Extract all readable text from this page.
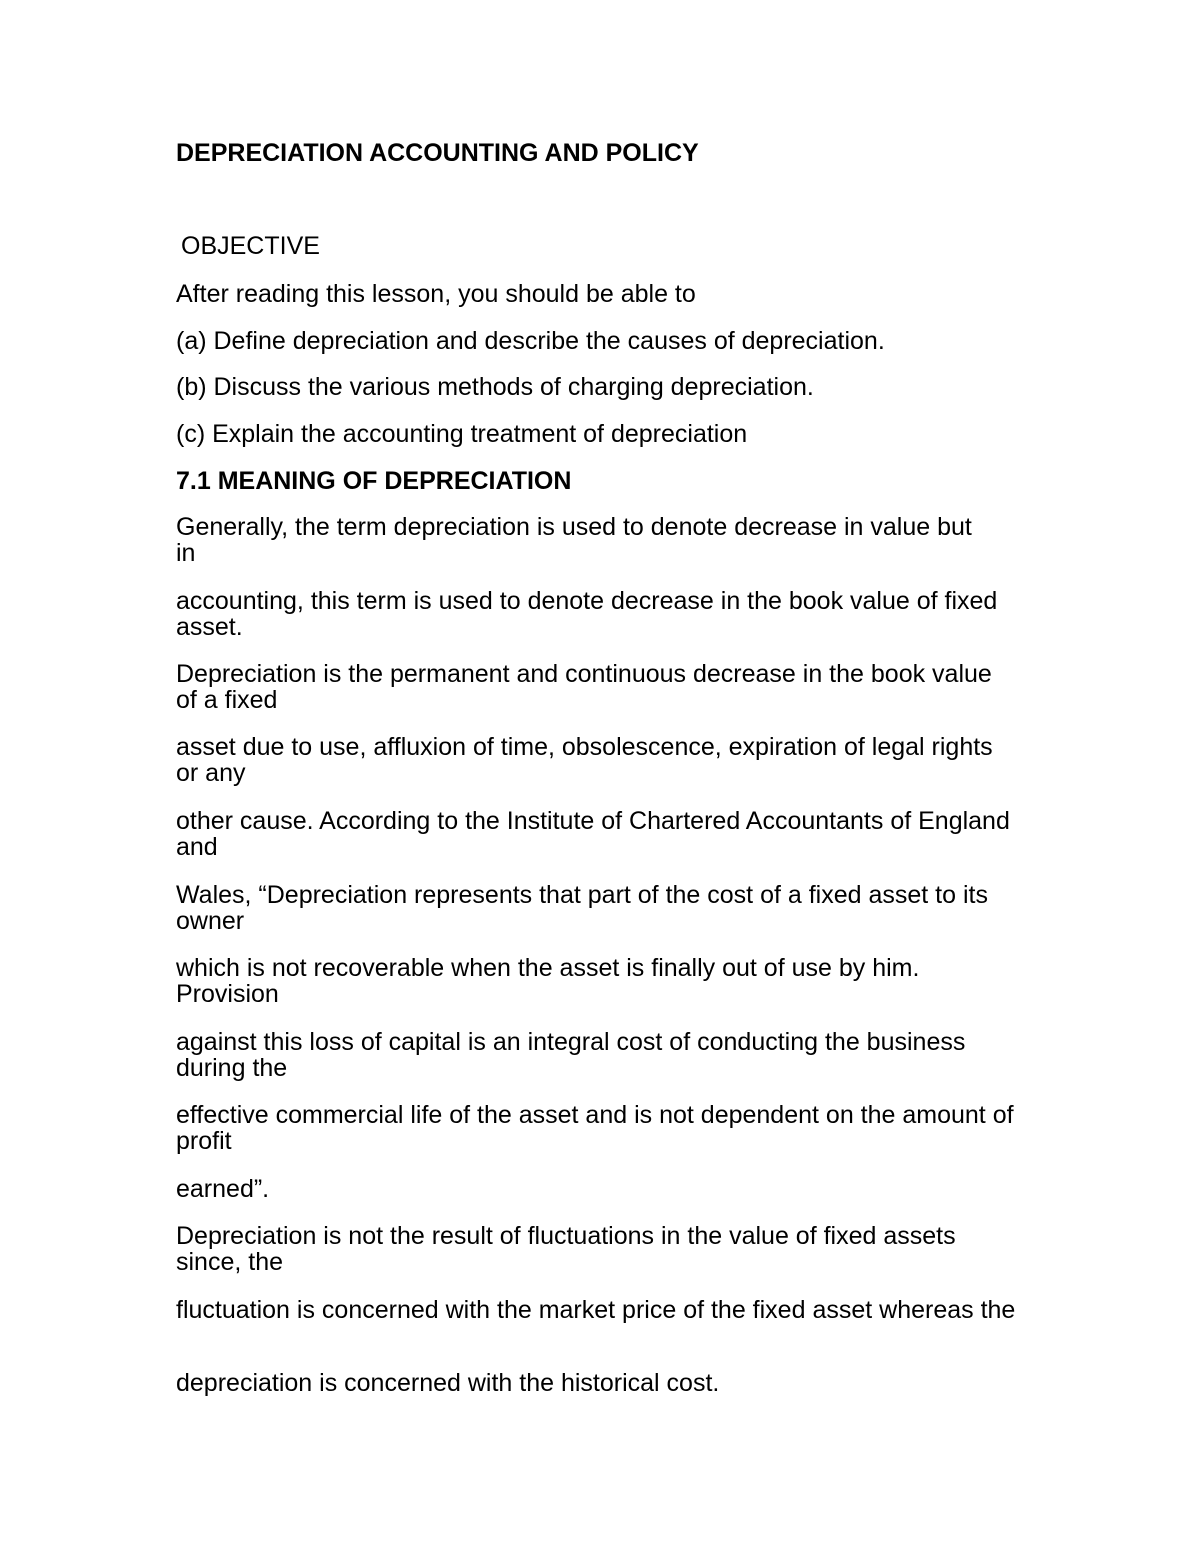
DEPRECIATION ACCOUNTING AND POLICY
OBJECTIVE
After reading this lesson, you should be able to
(a) Define depreciation and describe the causes of depreciation.
(b) Discuss the various methods of charging depreciation.
(c) Explain the accounting treatment of depreciation
7.1 MEANING OF DEPRECIATION
Generally, the term depreciation is used to denote decrease in value but in
accounting, this term is used to denote decrease in the book value of fixed asset.
Depreciation is the permanent and continuous decrease in the book value of a fixed
asset due to use, affluxion of time, obsolescence, expiration of legal rights or any
other cause. According to the Institute of Chartered Accountants of England and
Wales, “Depreciation represents that part of the cost of a fixed asset to its owner
which is not recoverable when the asset is finally out of use by him. Provision
against this loss of capital is an integral cost of conducting the business during the
effective commercial life of the asset and is not dependent on the amount of profit
earned”.
Depreciation is not the result of fluctuations in the value of fixed assets since, the
fluctuation is concerned with the market price of the fixed asset whereas the
depreciation is concerned with the historical cost.
